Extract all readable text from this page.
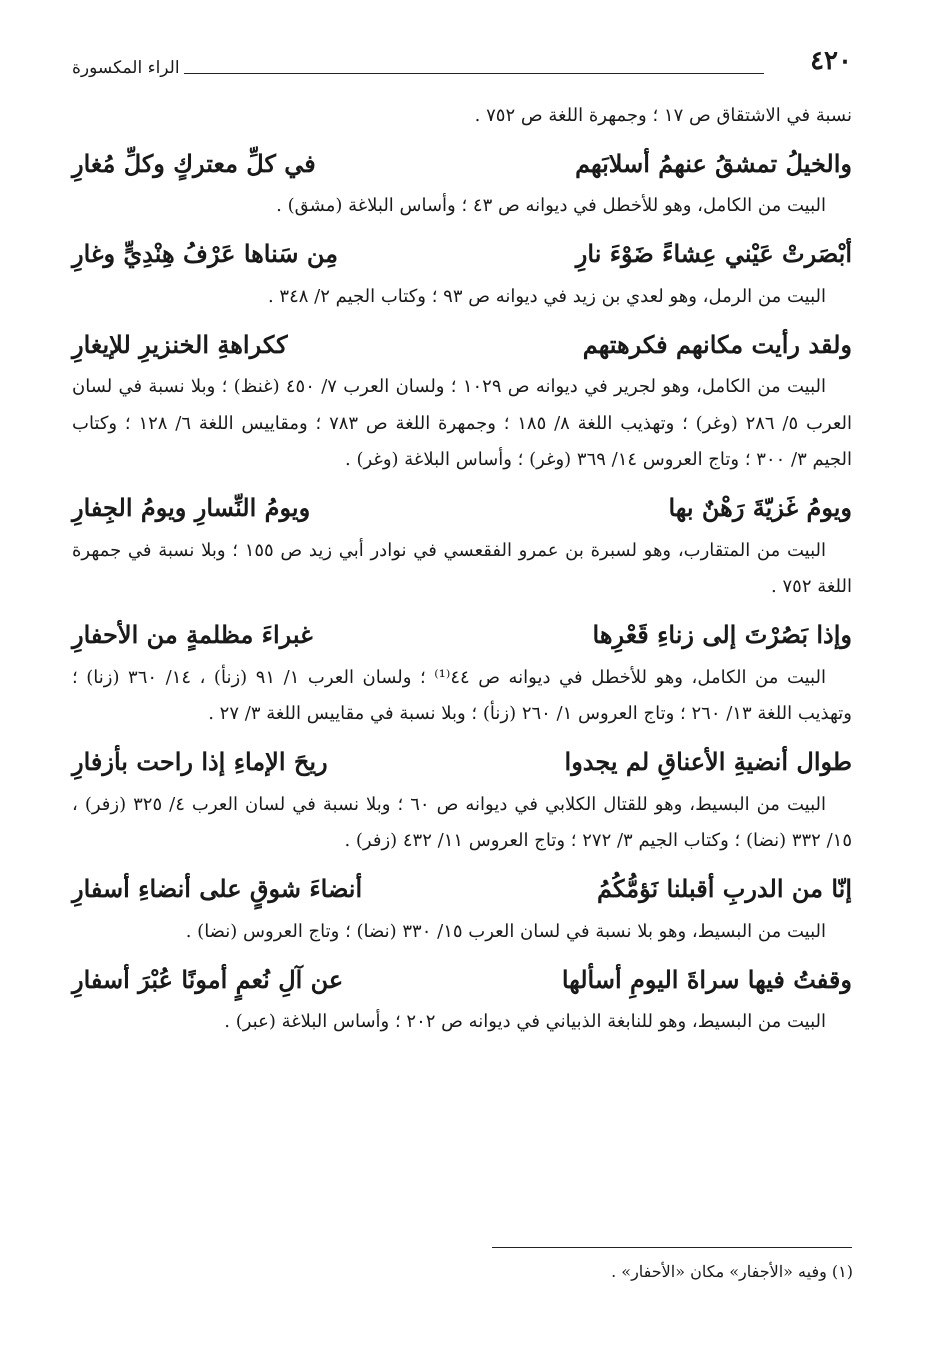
٤٢٠
الراء المكسورة

نسبة في الاشتقاق ص ١٧ ؛ وجمهرة اللغة ص ٧٥٢ .

والخيلُ تمشقُ عنهمُ أسلابَهم
في كلِّ معتركٍ وكلِّ مُغارِ

البيت من الكامل، وهو للأخطل في ديوانه ص ٤٣ ؛ وأساس البلاغة (مشق) .

أبْصَرتْ عَيْني عِشاءً ضَوْءَ نارِ
مِن سَناها عَرْفُ هِنْدِيٍّ وغارِ

البيت من الرمل، وهو لعدي بن زيد في ديوانه ص ٩٣ ؛ وكتاب الجيم ٢/ ٣٤٨ .

ولقد رأيت مكانهم فكرهتهم
ككراهةِ الخنزيرِ للإيغارِ

البيت من الكامل، وهو لجرير في ديوانه ص ١٠٢٩ ؛ ولسان العرب ٧/ ٤٥٠ (غنظ) ؛ وبلا نسبة في لسان العرب ٥/ ٢٨٦ (وغر) ؛ وتهذيب اللغة ٨/ ١٨٥ ؛ وجمهرة اللغة ص ٧٨٣ ؛ ومقاييس اللغة ٦/ ١٢٨ ؛ وكتاب الجيم ٣/ ٣٠٠ ؛ وتاج العروس ١٤/ ٣٦٩ (وغر) ؛ وأساس البلاغة (وغر) .

ويومُ غَزيّةَ رَهْنٌ بها
ويومُ النِّسارِ ويومُ الجِفارِ

البيت من المتقارب، وهو لسبرة بن عمرو الفقعسي في نوادر أبي زيد ص ١٥٥ ؛ وبلا نسبة في جمهرة اللغة ٧٥٢ .

وإذا بَصُرْتَ إلى زناءِ قَعْرِها
غبراءَ مظلمةٍ من الأحفارِ

البيت من الكامل، وهو للأخطل في ديوانه ص ٤٤⁽¹⁾ ؛ ولسان العرب ١/ ٩١ (زنأ) ، ١٤/ ٣٦٠ (زنا) ؛ وتهذيب اللغة ١٣/ ٢٦٠ ؛ وتاج العروس ١/ ٢٦٠ (زنأ) ؛ وبلا نسبة في مقاييس اللغة ٣/ ٢٧ .

طوال أنضيةِ الأعناقِ لم يجدوا
ريحَ الإماءِ إذا راحت بأزفارِ

البيت من البسيط، وهو للقتال الكلابي في ديوانه ص ٦٠ ؛ وبلا نسبة في لسان العرب ٤/ ٣٢٥ (زفر) ، ١٥/ ٣٣٢ (نضا) ؛ وكتاب الجيم ٣/ ٢٧٢ ؛ وتاج العروس ١١/ ٤٣٢ (زفر) .

إنّا من الدربِ أقبلنا نَؤمُّكُمُ
أنضاءَ شوقٍ على أنضاءِ أسفارِ

البيت من البسيط، وهو بلا نسبة في لسان العرب ١٥/ ٣٣٠ (نضا) ؛ وتاج العروس (نضا) .

وقفتُ فيها سراةَ اليومِ أسألها
عن آلِ نُعمٍ أمونًا عُبْرَ أسفارِ

البيت من البسيط، وهو للنابغة الذبياني في ديوانه ص ٢٠٢ ؛ وأساس البلاغة (عبر) .

(١) وفيه «الأجفار» مكان «الأحفار» .
